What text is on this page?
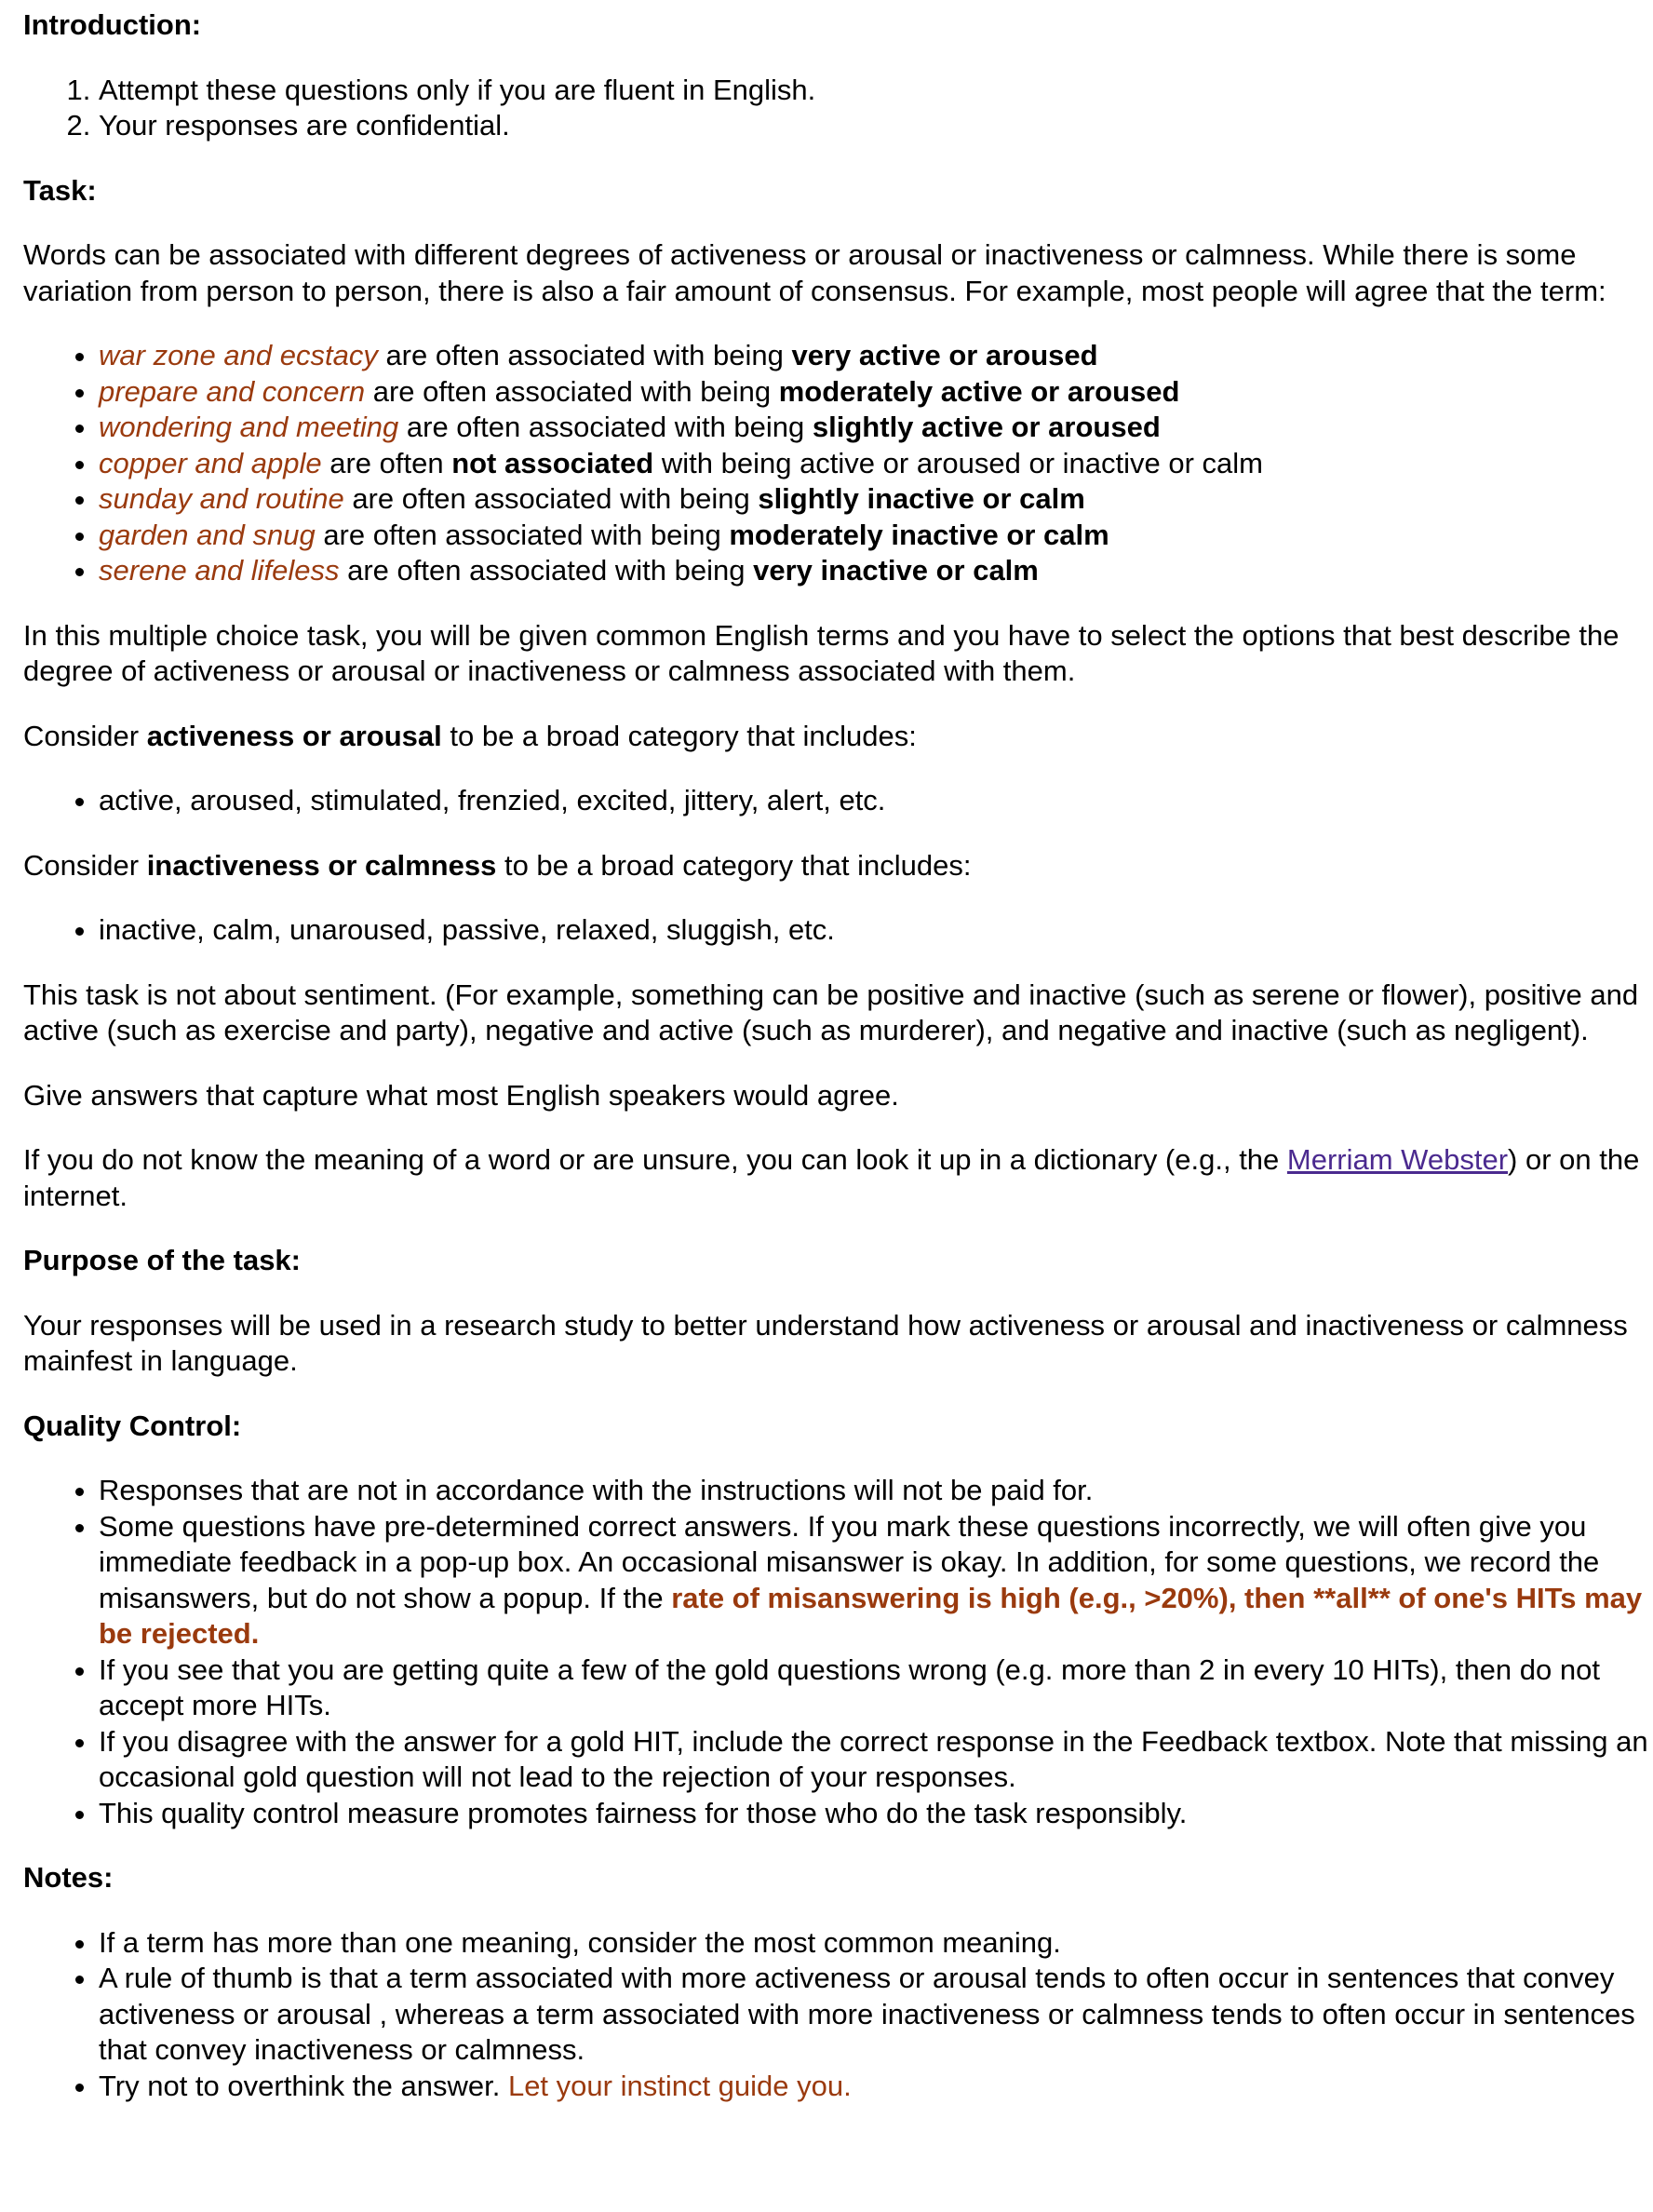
Introduction:
1. Attempt these questions only if you are fluent in English.
2. Your responses are confidential.
Task:

Words can be associated with different degrees of activeness or arousal or inactiveness or calmness. While there is some variation from person to person, there is also a fair amount of consensus. For example, most people will agree that the term:

• war zone and ecstacy are often associated with being very active or aroused
• prepare and concern are often associated with being moderately active or aroused
• wondering and meeting are often associated with being slightly active or aroused
• copper and apple are often not associated with being active or aroused or inactive or calm
• sunday and routine are often associated with being slightly inactive or calm
• garden and snug are often associated with being moderately inactive or calm
• serene and lifeless are often associated with being very inactive or calm

In this multiple choice task, you will be given common English terms and you have to select the options that best describe the degree of activeness or arousal or inactiveness or calmness associated with them.

Consider activeness or arousal to be a broad category that includes:

• active, aroused, stimulated, frenzied, excited, jittery, alert, etc.

Consider inactiveness or calmness to be a broad category that includes:

• inactive, calm, unaroused, passive, relaxed, sluggish, etc.

This task is not about sentiment. (For example, something can be positive and inactive (such as serene or flower), positive and active (such as exercise and party), negative and active (such as murderer), and negative and inactive (such as negligent).

Give answers that capture what most English speakers would agree.

If you do not know the meaning of a word or are unsure, you can look it up in a dictionary (e.g., the Merriam Webster) or on the internet.

Purpose of the task:

Your responses will be used in a research study to better understand how activeness or arousal and inactiveness or calmness mainfest in language.

Quality Control:
• Responses that are not in accordance with the instructions will not be paid for.
• Some questions have pre-determined correct answers. If you mark these questions incorrectly, we will often give you immediate feedback in a pop-up box. An occasional misanswer is okay. In addition, for some questions, we record the misanswers, but do not show a popup. If the rate of misanswering is high (e.g., >20%), then **all** of one's HITs may be rejected.
• If you see that you are getting quite a few of the gold questions wrong (e.g. more than 2 in every 10 HITs), then do not accept more HITs.
• If you disagree with the answer for a gold HIT, include the correct response in the Feedback textbox. Note that missing an occasional gold question will not lead to the rejection of your responses.
• This quality control measure promotes fairness for those who do the task responsibly.
Notes:
• If a term has more than one meaning, consider the most common meaning.
• A rule of thumb is that a term associated with more activeness or arousal tends to often occur in sentences that convey activeness or arousal , whereas a term associated with more inactiveness or calmness tends to often occur in sentences that convey inactiveness or calmness.
• Try not to overthink the answer. Let your instinct guide you.
